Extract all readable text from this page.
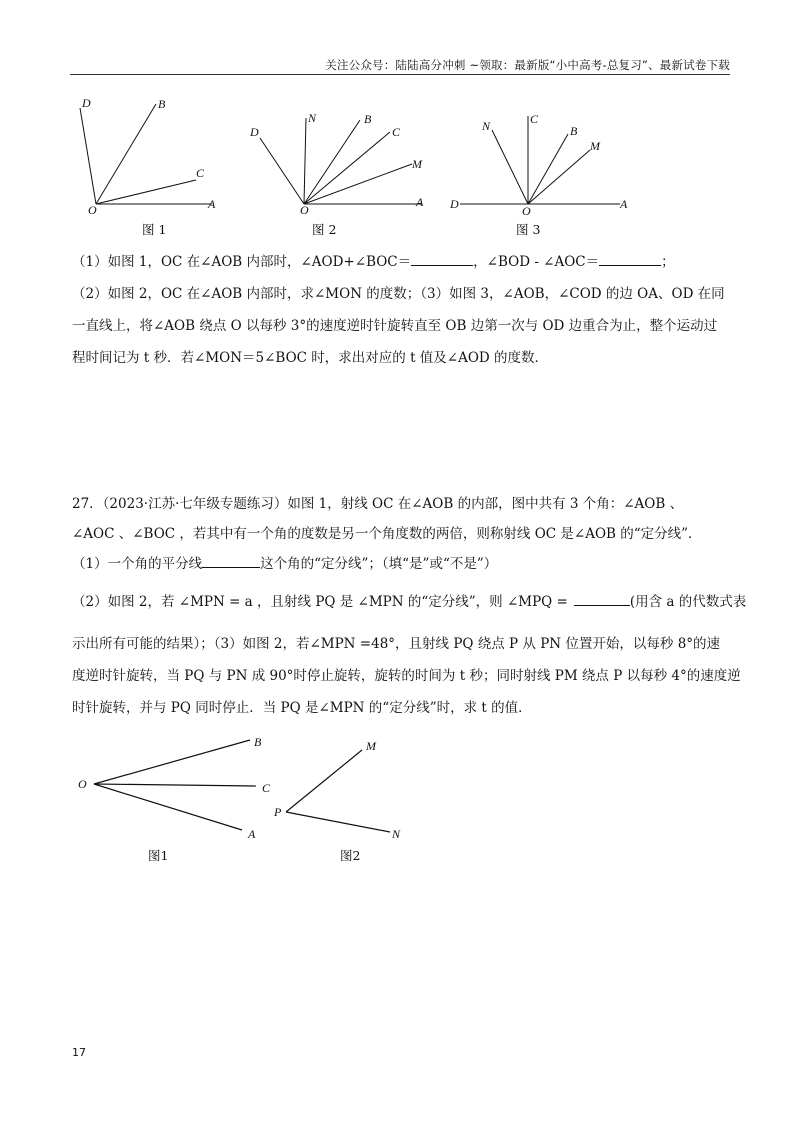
关注公众号：陆陆高分冲刺 ~领取：最新版“小中高考-总复习”、最新试卷下载
D	B
C
O	A
图 1
D
N	B
C
M
O
A
图 2
N	C
B
M
D	O	A
图 3
（1）如图 1，OC 在∠AOB 内部时，∠AOD+∠BOC＝	，∠BOD - ∠AOC＝	；
（2）如图 2，OC 在∠AOB 内部时，求∠MON 的度数；（3）如图 3，∠AOB，∠COD 的边 OA、OD 在同
一直线上，将∠AOB 绕点 O 以每秒 3°的速度逆时针旋转直至 OB 边第一次与 OD 边重合为止，整个运动过
程时间记为 t 秒．若∠MON＝5∠BOC 时，求出对应的 t 值及∠AOD 的度数．
27．（2023·江苏·七年级专题练习）如图 1，射线 OC 在∠AOB 的内部，图中共有 3 个角：∠AOB 、
∠AOC 、∠BOC ，若其中有一个角的度数是另一个角度数的两倍，则称射线 OC 是∠AOB 的“定分线”．
（1）一个角的平分线	这个角的“定分线”；（填“是”或“不是”）
（2）如图 2，若 ∠MPN = a ，且射线 PQ 是 ∠MPN 的“定分线”，则 ∠MPQ =	(用含 a 的代数式表
示出所有可能的结果）；（3）如图 2，若∠MPN =48°，且射线 PQ 绕点 P 从 PN 位置开始，以每秒 8°的速
度逆时针旋转，当 PQ 与 PN 成 90°时停止旋转，旋转的时间为 t 秒；同时射线 PM 绕点 P 以每秒 4°的速度逆
时针旋转，并与 PQ 同时停止．当 PQ 是∠MPN 的“定分线”时，求 t 的值．
O
B
C
A
图1
M
P
N
图2
17
